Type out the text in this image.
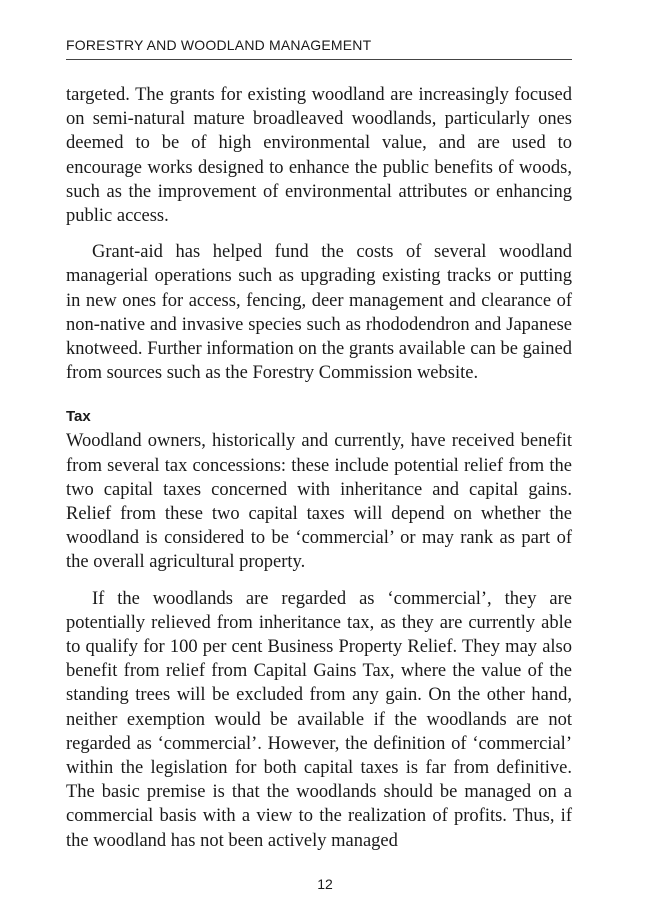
FORESTRY AND WOODLAND MANAGEMENT

targeted. The grants for existing woodland are increasingly focused on semi-natural mature broadleaved woodlands, particularly ones deemed to be of high environmental value, and are used to encourage works designed to enhance the public benefits of woods, such as the improvement of environmental attributes or enhancing public access.

Grant-aid has helped fund the costs of several woodland managerial operations such as upgrading existing tracks or putting in new ones for access, fencing, deer management and clearance of non-native and invasive species such as rhododendron and Japanese knotweed. Further information on the grants available can be gained from sources such as the Forestry Commission website.

Tax

Woodland owners, historically and currently, have received benefit from several tax concessions: these include potential relief from the two capital taxes concerned with inheritance and capital gains. Relief from these two capital taxes will depend on whether the woodland is considered to be ‘commercial’ or may rank as part of the overall agricultural property.

If the woodlands are regarded as ‘commercial’, they are potentially relieved from inheritance tax, as they are currently able to qualify for 100 per cent Business Property Relief. They may also benefit from relief from Capital Gains Tax, where the value of the standing trees will be excluded from any gain. On the other hand, neither exemption would be available if the woodlands are not regarded as ‘commercial’. However, the definition of ‘commercial’ within the legislation for both capital taxes is far from definitive. The basic premise is that the woodlands should be managed on a commercial basis with a view to the realization of profits. Thus, if the woodland has not been actively managed

12
